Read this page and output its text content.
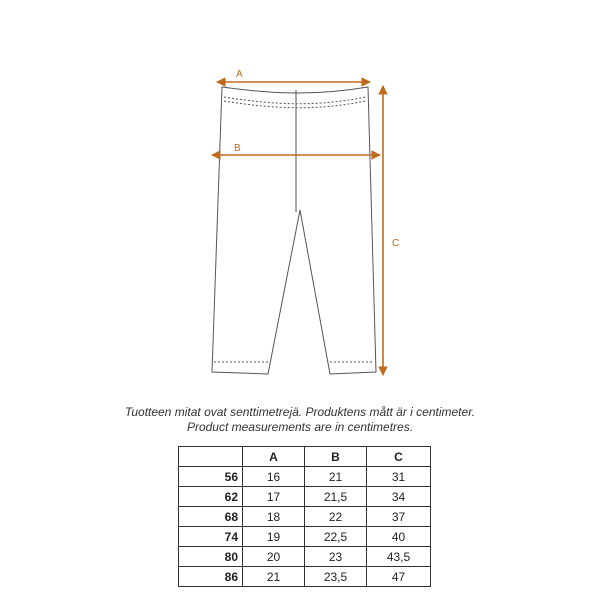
A
B
C
Tuotteen mitat ovat senttimetrejä. Produktens mått är i centimeter.
Product measurements are in centimetres.
	A	B	C
56	16	21	31
62	17	21,5	34
68	18	22	37
74	19	22,5	40
80	20	23	43,5
86	21	23,5	47
